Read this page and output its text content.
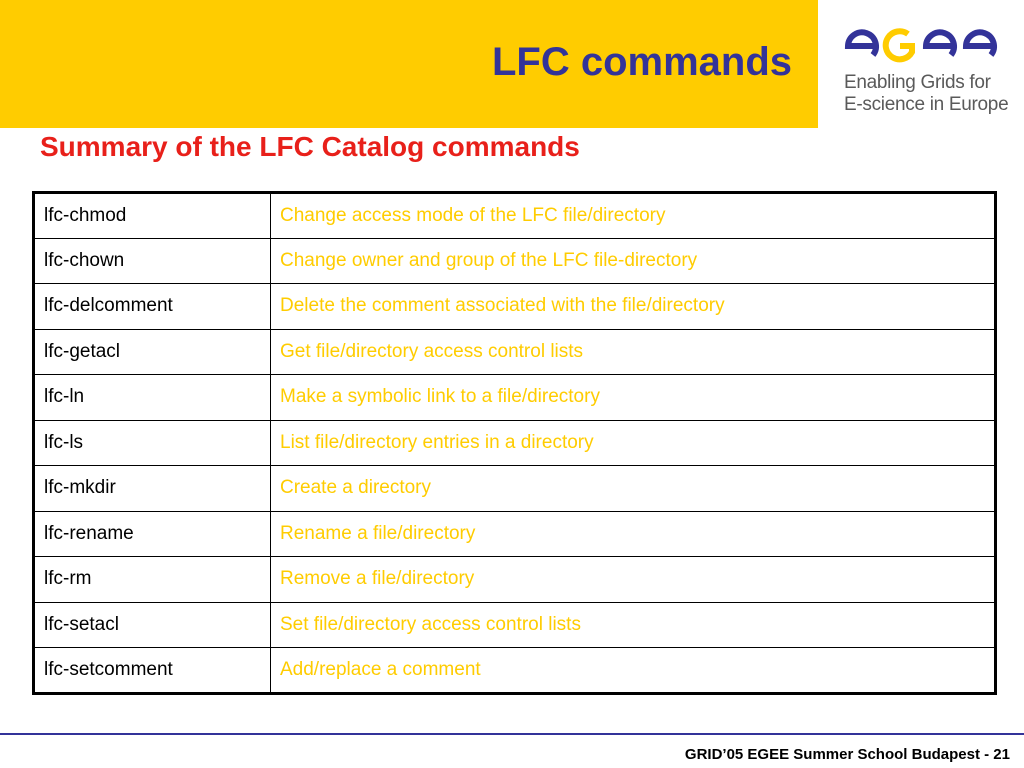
LFC commands	Enabling Grids for
E-science in Europe
Summary of the LFC Catalog commands
lfc-chmod	Change access mode of the LFC file/directory
lfc-chown	Change owner and group of the LFC file-directory
lfc-delcomment	Delete the comment associated with the file/directory
lfc-getacl	Get file/directory access control lists
lfc-ln	Make a symbolic link to a file/directory
lfc-ls	List file/directory entries in a directory
lfc-mkdir	Create a directory
lfc-rename	Rename a file/directory
lfc-rm	Remove a file/directory
lfc-setacl	Set file/directory access control lists
lfc-setcomment	Add/replace a comment
GRID’05 EGEE Summer School Budapest - 21
